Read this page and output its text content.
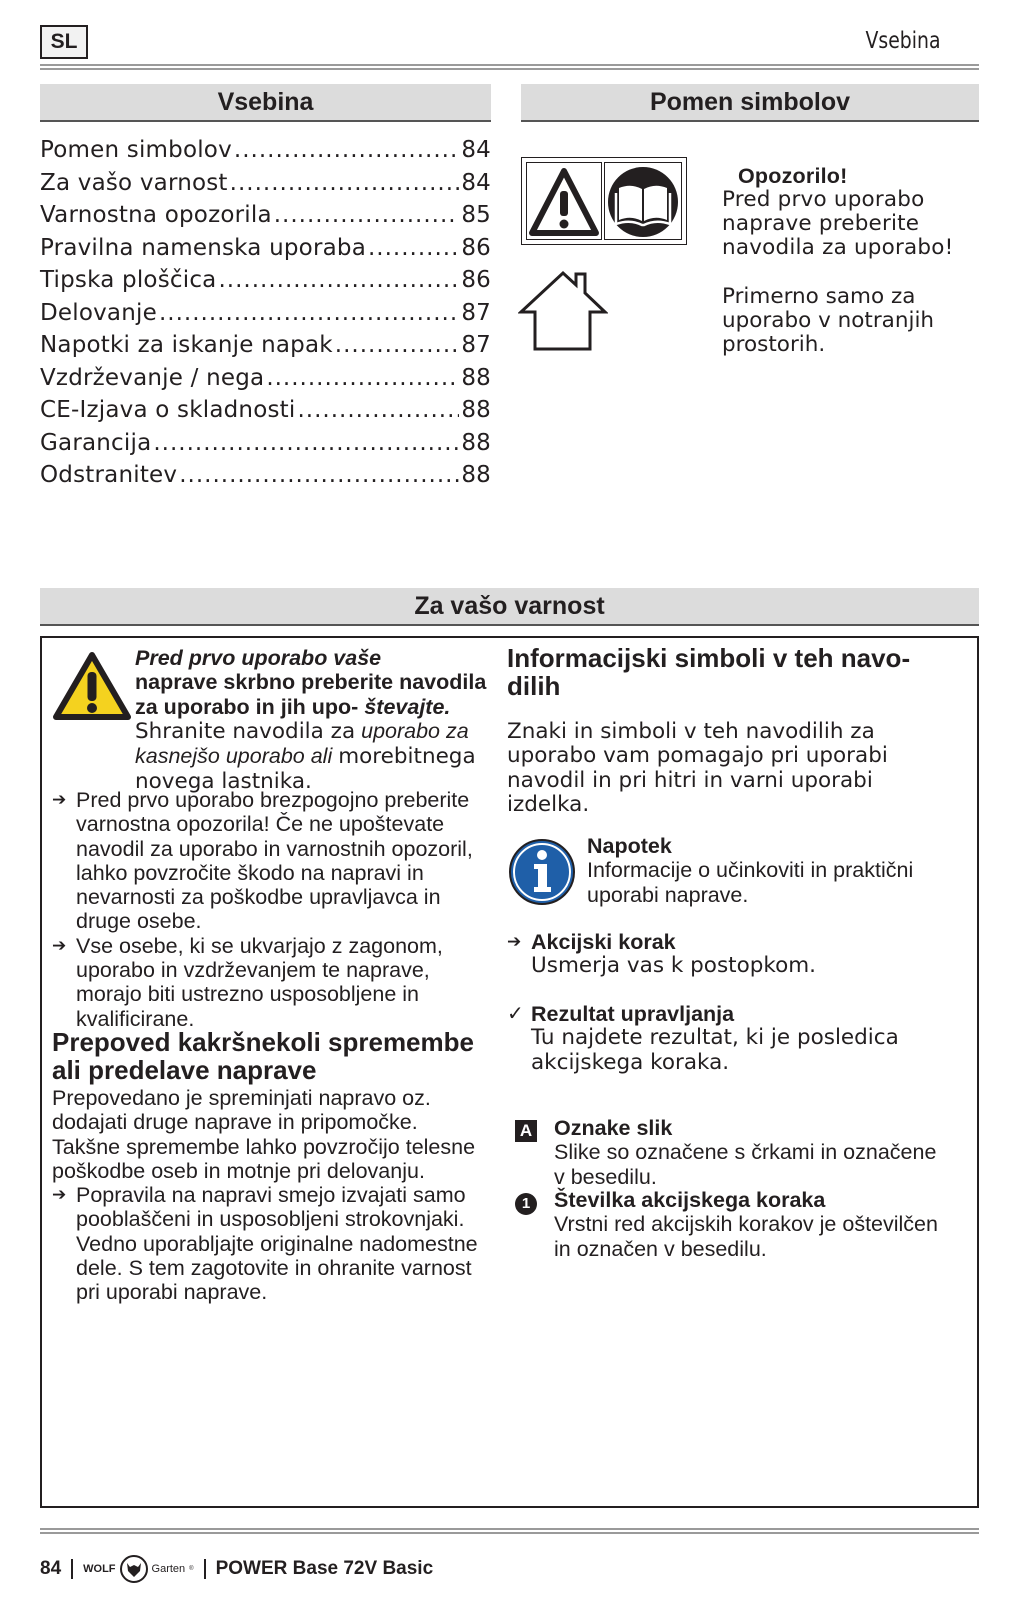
SL	Vsebina
Vsebina
Pomen simbolov .....	84
Za vašo varnost .....	84
Varnostna opozorila .....	85
Pravilna namenska uporaba .....	86
Tipska ploščica .....	86
Delovanje .....	87
Napotki za iskanje napak .....	87
Vzdrževanje / nega .....	88
CE-Izjava o skladnosti .....	88
Garancija .....	88
Odstranitev .....	88
Pomen simbolov
Opozorilo!
Pred prvo uporabo naprave preberite navodila za uporabo!
Primerno samo za uporabo v notranjih prostorih.
Za vašo varnost
Pred prvo uporabo vaše
naprave skrbno preberite navodila za uporabo in jih upo- števajte. Shranite navodila za uporabo za kasnejšo uporabo ali morebitnega novega lastnika.
➔ Pred prvo uporabo brezpogojno preberite varnostna opozorila! Če ne upoštevate navodil za uporabo in varnostnih opozoril, lahko povzročite škodo na napravi in nevarnosti za poškodbe upravljavca in druge osebe.
➔ Vse osebe, ki se ukvarjajo z zagonom, uporabo in vzdrževanjem te naprave, morajo biti ustrezno usposobljene in kvalificirane.
Prepoved kakršnekoli spremembe ali predelave naprave
Prepovedano je spreminjati napravo oz. dodajati druge naprave in pripomočke. Takšne spremembe lahko povzročijo telesne poškodbe oseb in motnje pri delovanju.
➔ Popravila na napravi smejo izvajati samo pooblaščeni in usposobljeni strokovnjaki. Vedno uporabljajte originalne nadomestne dele. S tem zagotovite in ohranite varnost pri uporabi naprave.
Informacijski simboli v teh navo-dilih
Znaki in simboli v teh navodilih za uporabo vam pomagajo pri uporabi navodil in pri hitri in varni uporabi izdelka.
Napotek
Informacije o učinkoviti in praktični uporabi naprave.
➔ Akcijski korak
Usmerja vas k postopkom.
✓ Rezultat upravljanja
Tu najdete rezultat, ki je posledica akcijskega koraka.
A Oznake slik
Slike so označene s črkami in označene v besedilu.
1	Številka akcijskega koraka
Vrstni red akcijskih korakov je oštevilčen in označen v besedilu.
84 WOLF	Garten ® POWER Base 72V Basic
